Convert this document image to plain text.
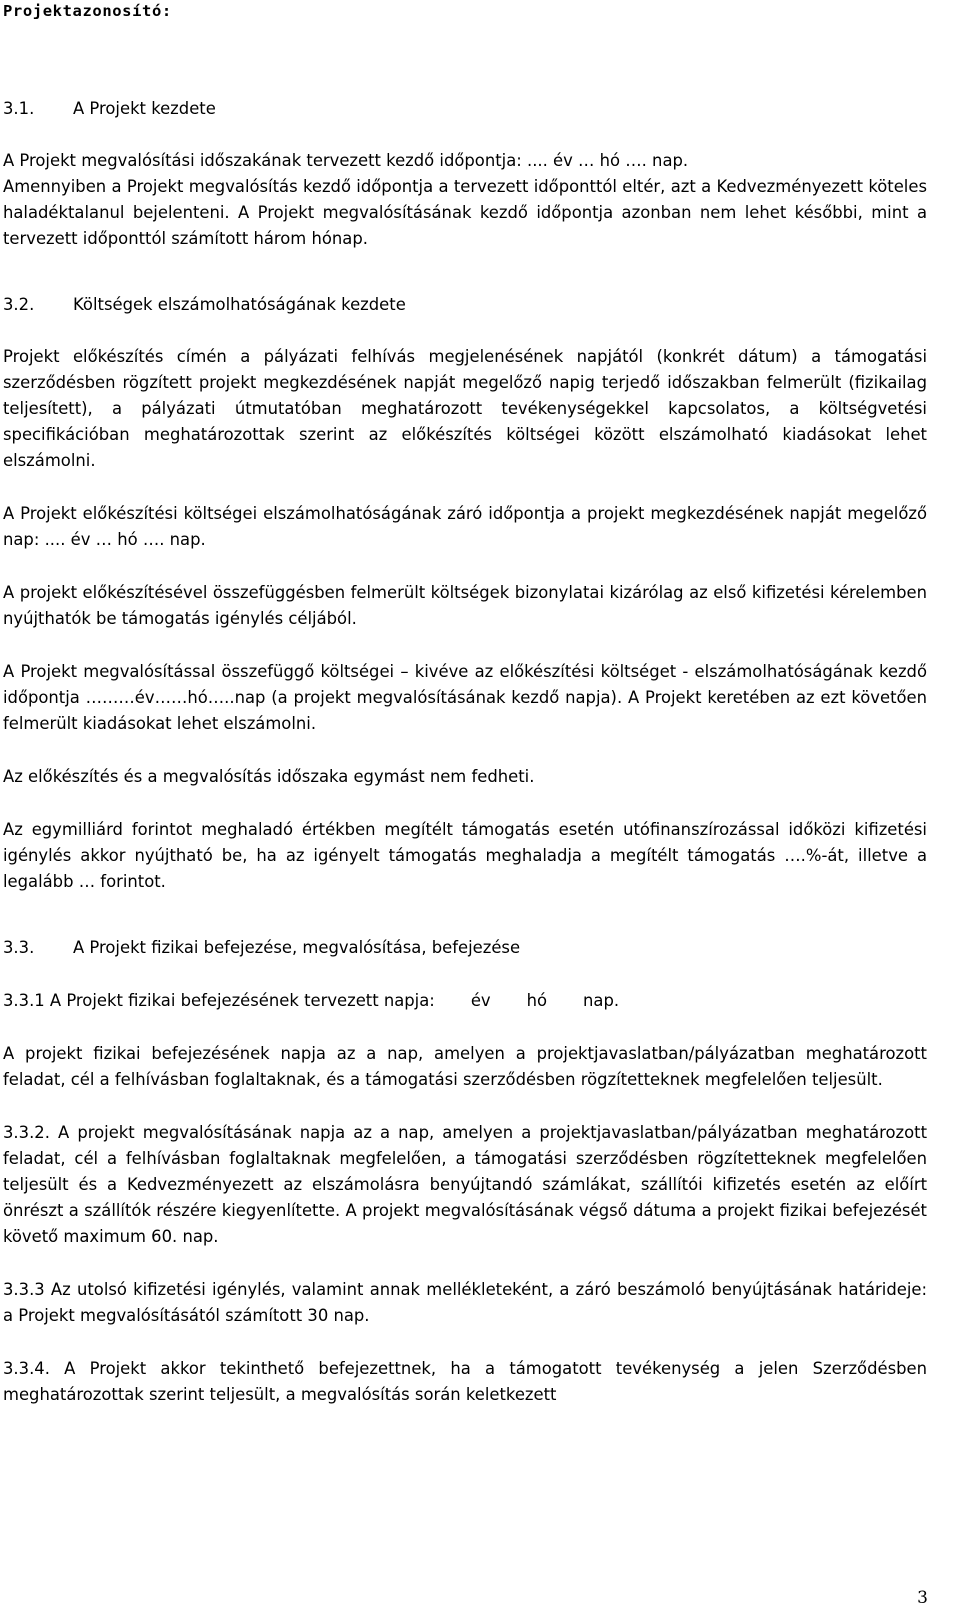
Projektazonosító:
3.1. A Projekt kezdete
A Projekt megvalósítási időszakának tervezett kezdő időpontja: .... év … hó …. nap.
Amennyiben a Projekt megvalósítás kezdő időpontja a tervezett időponttól eltér, azt a Kedvezményezett köteles haladéktalanul bejelenteni. A Projekt megvalósításának kezdő időpontja azonban nem lehet későbbi, mint a tervezett időponttól számított három hónap.
3.2. Költségek elszámolhatóságának kezdete
Projekt előkészítés címén a pályázati felhívás megjelenésének napjától (konkrét dátum) a támogatási szerződésben rögzített projekt megkezdésének napját megelőző napig terjedő időszakban felmerült (fizikailag teljesített), a pályázati útmutatóban meghatározott tevékenységekkel kapcsolatos, a költségvetési specifikációban meghatározottak szerint az előkészítés költségei között elszámolható kiadásokat lehet elszámolni.
A Projekt előkészítési költségei elszámolhatóságának záró időpontja a projekt megkezdésének napját megelőző nap: .... év … hó …. nap.
A projekt előkészítésével összefüggésben felmerült költségek bizonylatai kizárólag az első kifizetési kérelemben nyújthatók be támogatás igénylés céljából.
A Projekt megvalósítással összefüggő költségei – kivéve az előkészítési költséget - elszámolhatóságának kezdő időpontja ………év……hó…..nap (a projekt megvalósításának kezdő napja). A Projekt keretében az ezt követően felmerült kiadásokat lehet elszámolni.
Az előkészítés és a megvalósítás időszaka egymást nem fedheti.
Az egymilliárd forintot meghaladó értékben megítélt támogatás esetén utófinanszírozással időközi kifizetési igénylés akkor nyújtható be, ha az igényelt támogatás meghaladja a megítélt támogatás ….%-át, illetve a legalább … forintot.
3.3. A Projekt fizikai befejezése, megvalósítása, befejezése
3.3.1 A Projekt fizikai befejezésének tervezett napja: év hó nap.
A projekt fizikai befejezésének napja az a nap, amelyen a projektjavaslatban/pályázatban meghatározott feladat, cél a felhívásban foglaltaknak, és a támogatási szerződésben rögzítetteknek megfelelően teljesült.
3.3.2. A projekt megvalósításának napja az a nap, amelyen a projektjavaslatban/pályázatban meghatározott feladat, cél a felhívásban foglaltaknak megfelelően, a támogatási szerződésben rögzítetteknek megfelelően teljesült és a Kedvezményezett az elszámolásra benyújtandó számlákat, szállítói kifizetés esetén az előírt önrészt a szállítók részére kiegyenlítette. A projekt megvalósításának végső dátuma a projekt fizikai befejezését követő maximum 60. nap.
3.3.3 Az utolsó kifizetési igénylés, valamint annak mellékleteként, a záró beszámoló benyújtásának határideje: a Projekt megvalósításától számított 30 nap.
3.3.4. A Projekt akkor tekinthető befejezettnek, ha a támogatott tevékenység a jelen Szerződésben meghatározottak szerint teljesült, a megvalósítás során keletkezett
3
